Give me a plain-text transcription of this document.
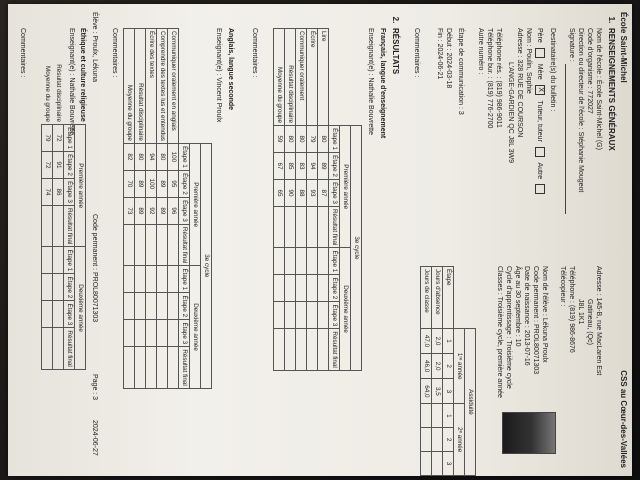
École Saint-Michel
CSS au Cœur-des-Vallées
1.RENSEIGNEMENTS GÉNÉRAUX
Nom de l'école : École Saint-Michel (G)
Code d'organisme : 772027
Direction ou directeur de l'école : Stéphanie Mougeot
Signature :
Destinataire(s) du bulletin :
Père MèreX Tuteur, tuteur Autre
Nom : Poulin, Sophie
Adresse : 328 RUE DE COURSON
L'ANGE-GARDIEN QC J8L 3W9
Téléphone rés. : (819) 986-9011
Téléphone bur. : (819) 776-2700
Autre numéro :
Adresse : 145-B, rue MacLaren Est
Gatineau, (Qc)
J8L 1K1
Téléphone : (819) 986-8676
Télécopieur :
Nom de l'élève : Lékuna Proulx
Code permanent : PROL80071303
Date de naissance : 2013-07-16
Âge au 30 septembre : 10
Cycle d'apprentissage : Troisième cycle
Classes : Troisième cycle, première année
Étape de communication : 3
Début : 2024-03-18
Fin : 2024-06-21
	Assiduité					
	1ʳᵉ année			2ᵉ année		
Étape	1	2	3	1	2	3
Jours d'absence	2,0	2,0	3,5			
Jours de classe	47,0	46,0	64,0			
Commentaires :
2.RÉSULTATS
Français, langue d'enseignement
Enseignant(e) : Nathalie Bouvrette
	3e cycle							
	Première année				Deuxième année			
	Étape 1	Étape 2	Étape 3	Résultat final	Étape 1	Étape 2	Étape 3	Résultat final
Lire	80	89	87					
Écrire	79	94	93					
Communiquer oralement	80	83	88					
Résultat disciplinaire	80	85	90					
Moyenne du groupe	59	67	65					
Commentaires :
Anglais, langue seconde
Enseignant(e) : Vincent Proulx
	3e cycle							
	Première année				Deuxième année			
	Étape 1	Étape 2	Étape 3	Résultat final	Étape 1	Étape 2	Étape 3	Résultat final
Communiquer oralement en anglais	100	95	96					
Comprendre des textes lus et entendus	80	89	89					
Écrire des textes	94	100	92					
Résultat disciplinaire	80	89	89					
Moyenne du groupe	82	70	73					
Commentaires :
Élève : Proulx, Lékuna
Code permanent : PROL80071303
Page : 3
2024-06-27
Éthique et culture religieuse
Enseignant(e) : Nathalie Bouvrette
	Première année				Deuxième année			
	Étape 1	Étape 2	Étape 3	Résultat final	Étape 1	Étape 2	Étape 3	Résultat final
Résultat disciplinaire	72	91	86					
Moyenne du groupe	79	72	74					
Commentaires :
